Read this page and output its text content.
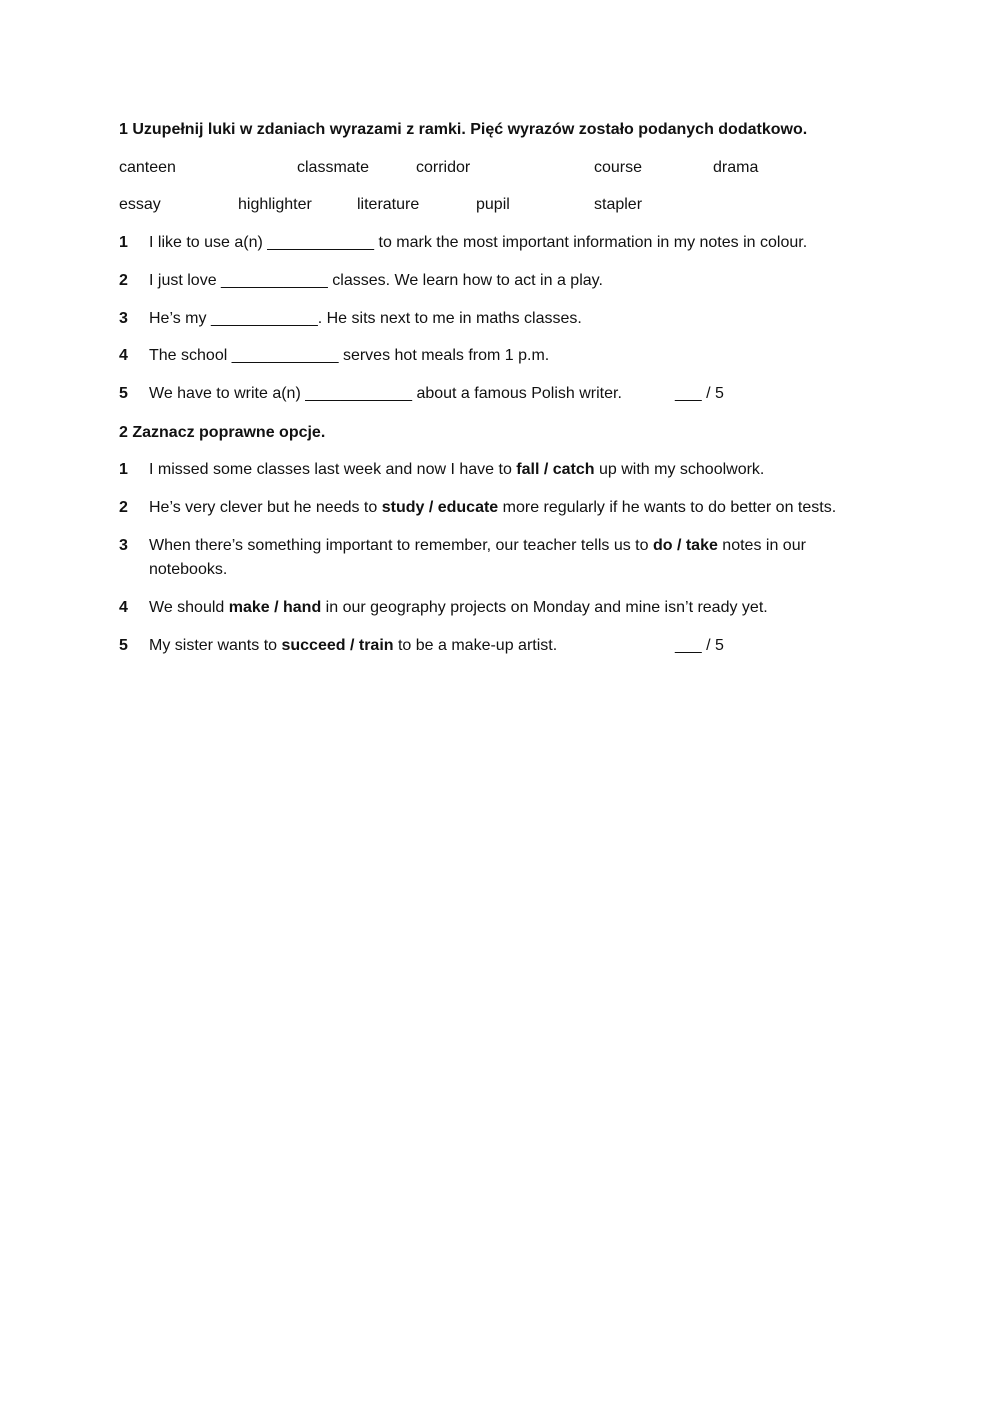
1 Uzupełnij luki w zdaniach wyrazami z ramki. Pięć wyrazów zostało podanych dodatkowo.
canteen	classmate	corridor	course	drama
essay	highlighter	literature	pupil	stapler
1 I like to use a(n) ____________ to mark the most important information in my notes in colour.
2 I just love ____________ classes. We learn how to act in a play.
3 He’s my ____________. He sits next to me in maths classes.
4 The school ____________ serves hot meals from 1 p.m.
5 We have to write a(n) ____________ about a famous Polish writer.	___ / 5
2 Zaznacz poprawne opcje.
1 I missed some classes last week and now I have to fall / catch up with my schoolwork.
2 He’s very clever but he needs to study / educate more regularly if he wants to do better on tests.
3 When there’s something important to remember, our teacher tells us to do / take notes in our notebooks.
4 We should make / hand in our geography projects on Monday and mine isn’t ready yet.
5 My sister wants to succeed / train to be a make-up artist.	___ / 5
